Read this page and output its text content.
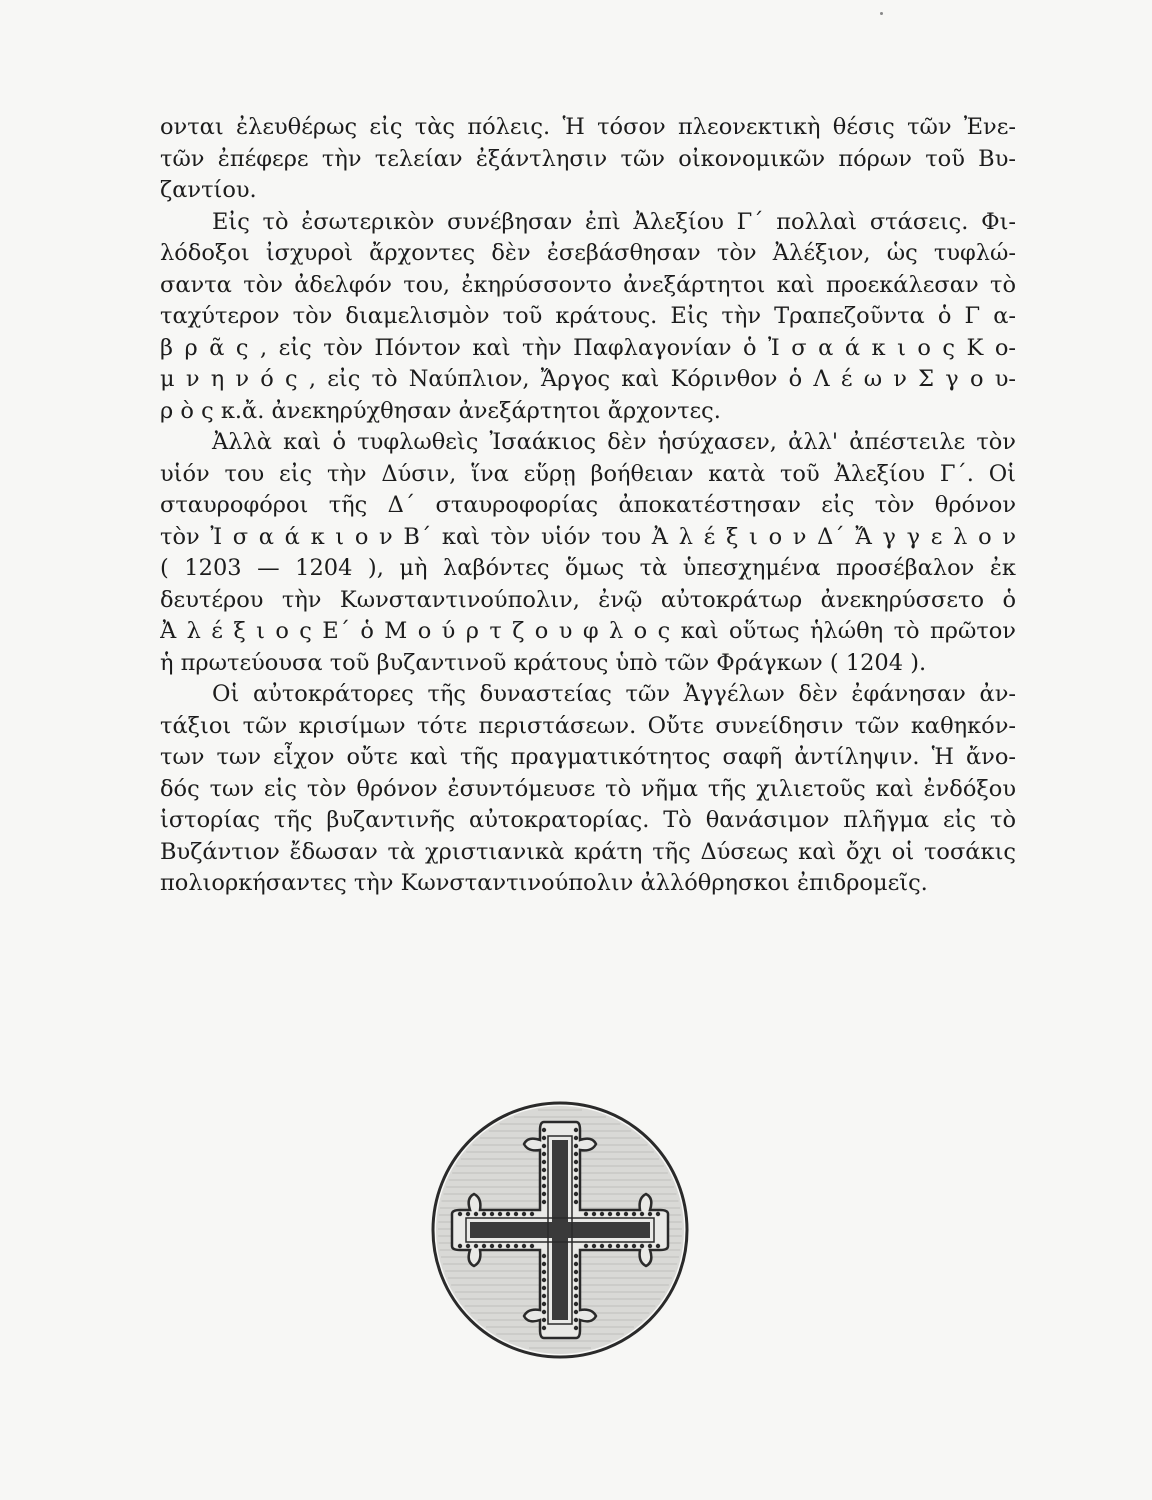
ονται ἐλευθέρως εἰς τὰς πόλεις. Ἡ τόσον πλεονεκτικὴ θέσις τῶν Ἐνε-
τῶν ἐπέφερε τὴν τελείαν ἐξάντλησιν τῶν οἰκονομικῶν πόρων τοῦ Βυ-
ζαντίου.
Εἰς τὸ ἐσωτερικὸν συνέβησαν ἐπὶ Ἀλεξίου Γ΄ πολλαὶ στάσεις. Φι-
λόδοξοι ἰσχυροὶ ἄρχοντες δὲν ἐσεβάσθησαν τὸν Ἀλέξιον, ὡς τυφλώ-
σαντα τὸν ἀδελφόν του, ἐκηρύσσοντο ἀνεξάρτητοι καὶ προεκάλεσαν τὸ
ταχύτερον τὸν διαμελισμὸν τοῦ κράτους. Εἰς τὴν Τραπεζοῦντα ὁ Γ α-
β ρ ᾶ ς , εἰς τὸν Πόντον καὶ τὴν Παφλαγονίαν ὁ Ἰ σ α ά κ ι ο ς Κ ο-
μ ν η ν ό ς , εἰς τὸ Ναύπλιον, Ἄργος καὶ Κόρινθον ὁ Λ έ ω ν Σ γ ο υ-
ρ ὸ ς κ.ἄ. ἀνεκηρύχθησαν ἀνεξάρτητοι ἄρχοντες.
Ἀλλὰ καὶ ὁ τυφλωθεὶς Ἰσαάκιος δὲν ἡσύχασεν, ἀλλ' ἀπέστειλε τὸν
υἱόν του εἰς τὴν Δύσιν, ἵνα εὕρῃ βοήθειαν κατὰ τοῦ Ἀλεξίου Γ΄. Οἱ
σταυροφόροι τῆς Δ΄ σταυροφορίας ἀποκατέστησαν εἰς τὸν θρόνον
τὸν Ἰ σ α ά κ ι ο ν Β΄ καὶ τὸν υἱόν του Ἀ λ έ ξ ι ο ν Δ΄ Ἄ γ γ ε λ ο ν
( 1203 — 1204 ), μὴ λαβόντες ὅμως τὰ ὑπεσχημένα προσέβαλον ἐκ
δευτέρου τὴν Κωνσταντινούπολιν, ἐνῷ αὐτοκράτωρ ἀνεκηρύσσετο ὁ
Ἀ λ έ ξ ι ο ς Ε΄ ὁ Μ ο ύ ρ τ ζ ο υ φ λ ο ς καὶ οὕτως ἡλώθη τὸ πρῶτον
ἡ πρωτεύουσα τοῦ βυζαντινοῦ κράτους ὑπὸ τῶν Φράγκων ( 1204 ).
Οἱ αὐτοκράτορες τῆς δυναστείας τῶν Ἀγγέλων δὲν ἐφάνησαν ἀν-
τάξιοι τῶν κρισίμων τότε περιστάσεων. Οὔτε συνείδησιν τῶν καθηκόν-
των των εἶχον οὔτε καὶ τῆς πραγματικότητος σαφῆ ἀντίληψιν. Ἡ ἄνο-
δός των εἰς τὸν θρόνον ἐσυντόμευσε τὸ νῆμα τῆς χιλιετοῦς καὶ ἐνδόξου
ἱστορίας τῆς βυζαντινῆς αὐτοκρατορίας. Τὸ θανάσιμον πλῆγμα εἰς τὸ
Βυζάντιον ἔδωσαν τὰ χριστιανικὰ κράτη τῆς Δύσεως καὶ ὄχι οἱ τοσάκις
πολιορκήσαντες τὴν Κωνσταντινούπολιν ἀλλόθρησκοι ἐπιδρομεῖς.
